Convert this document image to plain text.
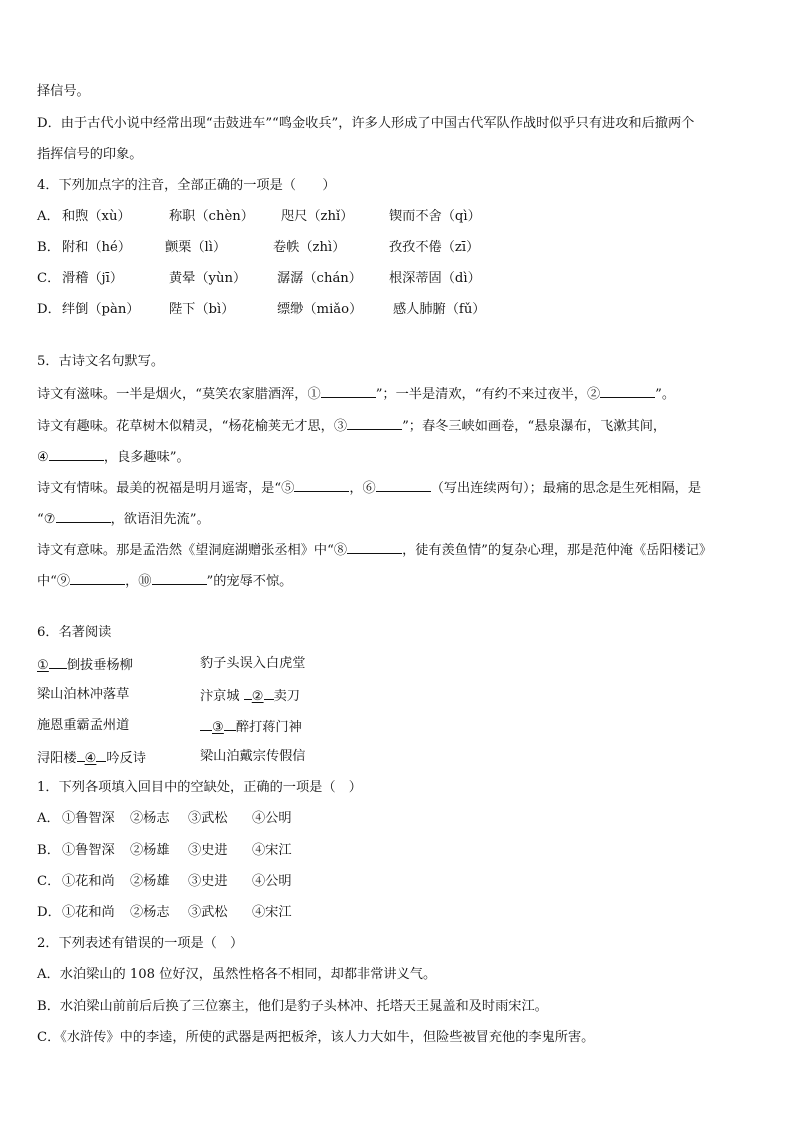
择信号。
D．由于古代小说中经常出现“击鼓进车”“鸣金收兵”，许多人形成了中国古代军队作战时似乎只有进攻和后撤两个
指挥信号的印象。
4．下列加点字的注音，全部正确的一项是（　　）
A． 和煦（xù）	称职（chèn） 咫尺（zhǐ）	锲而不舍（qì）
B． 附和（hé）	颤栗（lì）	卷帙（zhì）	孜孜不倦（zī）
C． 滑稽（jī）	黄晕（yùn） 潺潺（chán） 根深蒂固（dì）
D． 绊倒（pàn） 陛下（bì）	缥缈（miǎo） 感人肺腑（fǔ）
5．古诗文名句默写。
诗文有滋味。一半是烟火，“莫笑农家腊酒浑，①	”；一半是清欢，“有约不来过夜半，②	”。
诗文有趣味。花草树木似精灵，“杨花榆荚无才思，③	”；春冬三峡如画卷，“悬泉瀑布，飞漱其间，
④	，良多趣味”。
诗文有情味。最美的祝福是明月遥寄，是“⑤	，⑥	（写出连续两句）；最痛的思念是生死相隔，是
“⑦	，欲语泪先流”。
诗文有意味。那是孟浩然《望洞庭湖赠张丞相》中“⑧	，徒有羡鱼情”的复杂心理，那是范仲淹《岳阳楼记》
中“⑨	，⑩	”的宠辱不惊。
6．名著阅读
① 倒拔垂杨柳	豹子头误入白虎堂
梁山泊林冲落草	汴京城 ② 卖刀
施恩重霸孟州道	③ 醉打蒋门神
浔阳楼 ④ 吟反诗	梁山泊戴宗传假信
1．下列各项填入回目中的空缺处，正确的一项是（　）
A． ①鲁智深 ②杨志 ③武松 ④公明
B． ①鲁智深 ②杨雄 ③史进 ④宋江
C． ①花和尚 ②杨雄 ③史进 ④公明
D． ①花和尚 ②杨志 ③武松 ④宋江
2．下列表述有错误的一项是（　）
A．水泊梁山的 108 位好汉，虽然性格各不相同，却都非常讲义气。
B．水泊梁山前前后后换了三位寨主，他们是豹子头林冲、托塔天王晁盖和及时雨宋江。
C．《水浒传》中的李逵，所使的武器是两把板斧，该人力大如牛，但险些被冒充他的李鬼所害。
